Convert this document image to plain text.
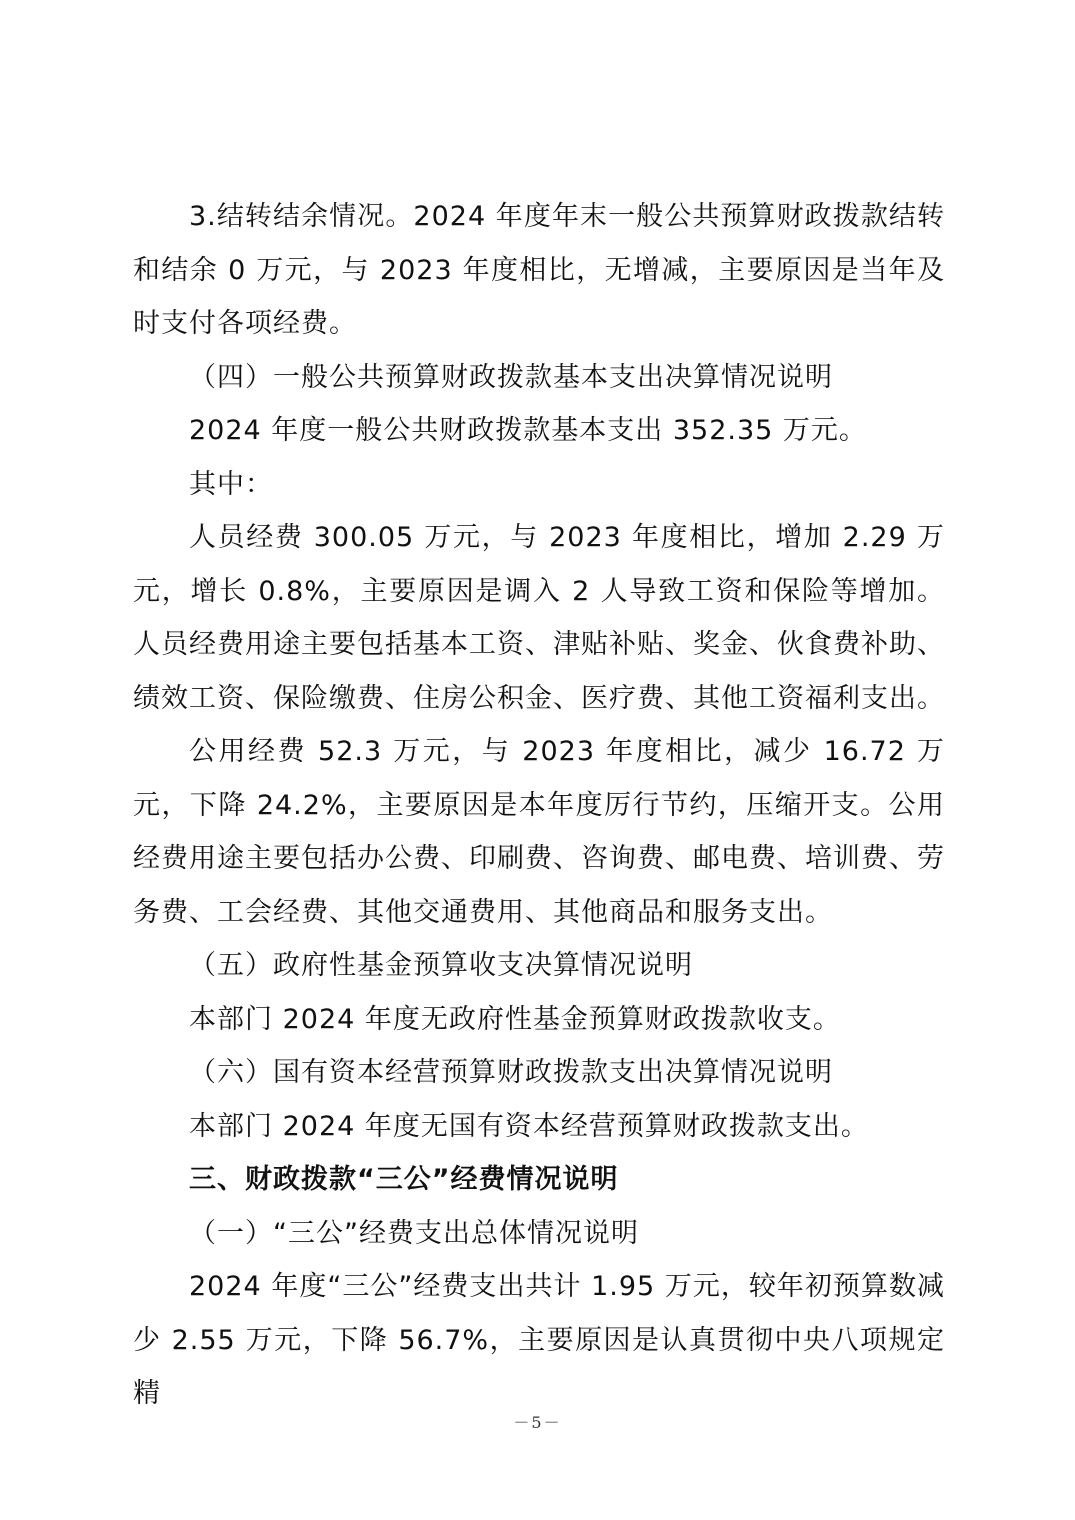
3.结转结余情况。2024 年度年末一般公共预算财政拨款结转和结余 0 万元，与 2023 年度相比，无增减，主要原因是当年及时支付各项经费。

（四）一般公共预算财政拨款基本支出决算情况说明

2024 年度一般公共财政拨款基本支出 352.35 万元。

其中：

人员经费 300.05 万元，与 2023 年度相比，增加 2.29 万元，增长 0.8%，主要原因是调入 2 人导致工资和保险等增加。人员经费用途主要包括基本工资、津贴补贴、奖金、伙食费补助、绩效工资、保险缴费、住房公积金、医疗费、其他工资福利支出。

公用经费 52.3 万元，与 2023 年度相比，减少 16.72 万元，下降 24.2%，主要原因是本年度厉行节约，压缩开支。公用经费用途主要包括办公费、印刷费、咨询费、邮电费、培训费、劳务费、工会经费、其他交通费用、其他商品和服务支出。

（五）政府性基金预算收支决算情况说明

本部门 2024 年度无政府性基金预算财政拨款收支。

（六）国有资本经营预算财政拨款支出决算情况说明

本部门 2024 年度无国有资本经营预算财政拨款支出。

三、财政拨款“三公”经费情况说明

（一）“三公”经费支出总体情况说明

2024 年度“三公”经费支出共计 1.95 万元，较年初预算数减少 2.55 万元，下降 56.7%，主要原因是认真贯彻中央八项规定精

－5－
